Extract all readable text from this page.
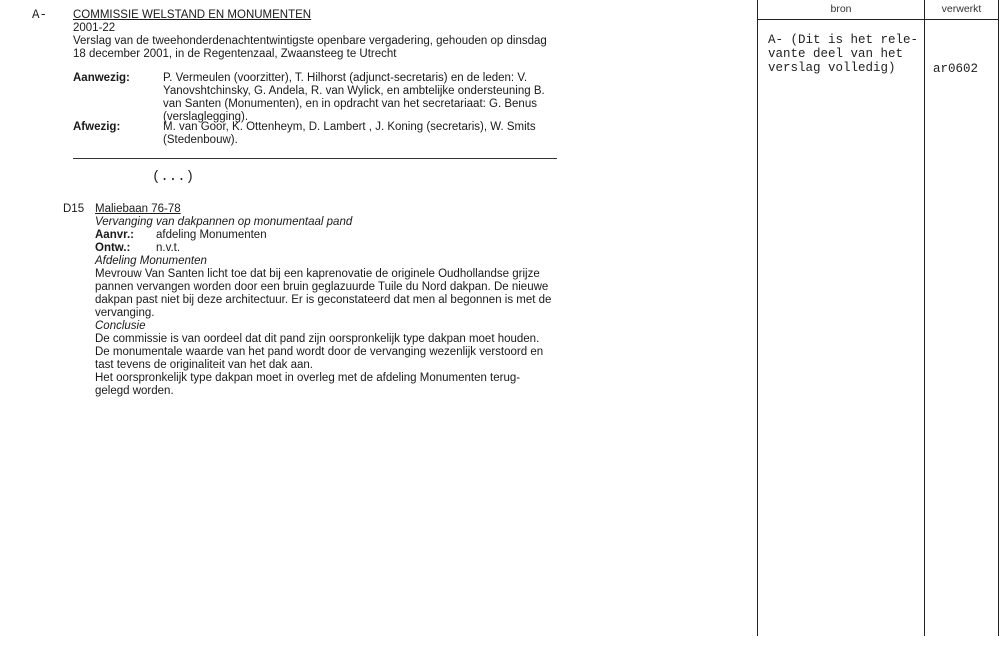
A- COMMISSIE WELSTAND EN MONUMENTEN
2001-22
Verslag van de tweehonderdenachtentwintigste openbare vergadering, gehouden op dinsdag
18 december 2001, in de Regentenzaal, Zwaansteeg te Utrecht
Aanwezig:	P. Vermeulen (voorzitter), T. Hilhorst (adjunct-secretaris) en de leden: V.
Yanovshtchinsky, G. Andela, R. van Wylick, en ambtelijke ondersteuning B.
van Santen (Monumenten), en in opdracht van het secretariaat: G. Benus
(verslaglegging).
Afwezig:	M. van Goor, K. Ottenheym, D. Lambert , J. Koning (secretaris), W. Smits
(Stedenbouw).
(...)
D15 Maliebaan 76-78
Vervanging van dakpannen op monumentaal pand
Aanvr.: afdeling Monumenten
Ontw.: n.v.t.
Afdeling Monumenten
Mevrouw Van Santen licht toe dat bij een kaprenovatie de originele Oudhollandse grijze
pannen vervangen worden door een bruin geglazuurde Tuile du Nord dakpan. De nieuwe
dakpan past niet bij deze architectuur. Er is geconstateerd dat men al begonnen is met de
vervanging.
Conclusie
De commissie is van oordeel dat dit pand zijn oorspronkelijk type dakpan moet houden.
De monumentale waarde van het pand wordt door de vervanging wezenlijk verstoord en
tast tevens de originaliteit van het dak aan.
Het oorspronkelijk type dakpan moet in overleg met de afdeling Monumenten terug-
gelegd worden.
bron	verwerkt
A- (Dit is het rele-
vante deel van het
verslag volledig)	ar0602
